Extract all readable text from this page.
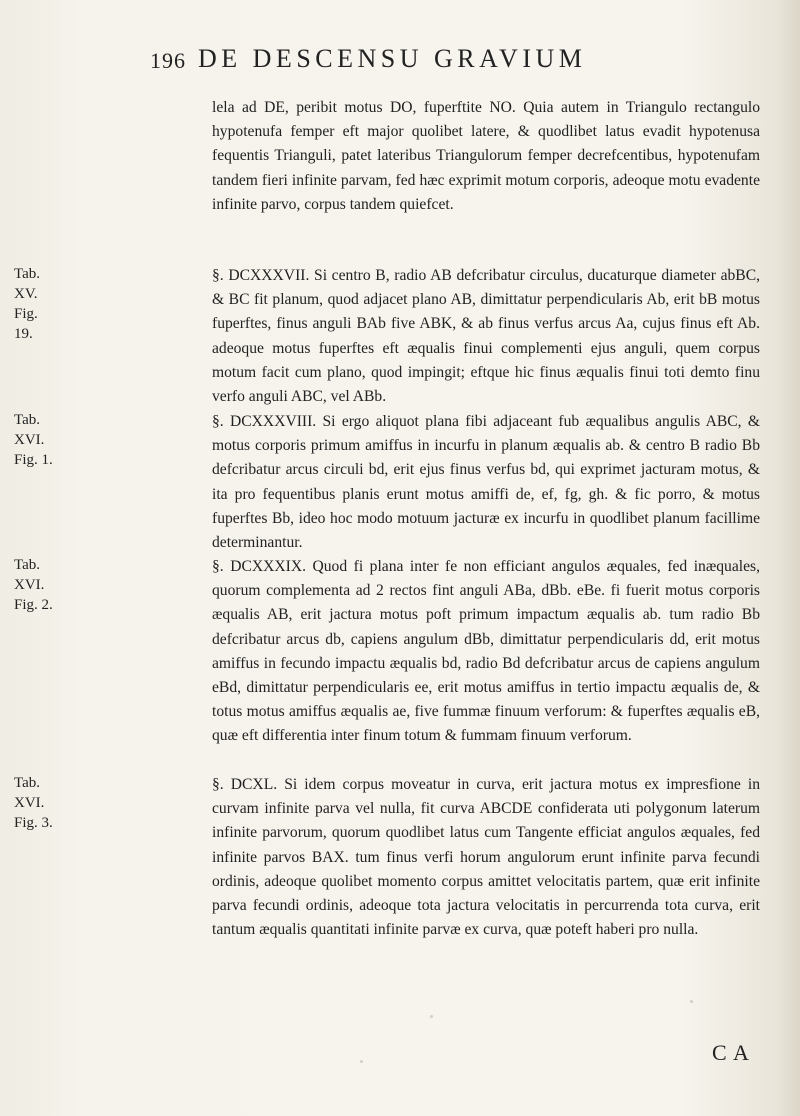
196 DE DESCENSU GRAVIUM
Tab.
XV.
Fig. 19.
Tab.
XVI.
Fig. 1.
Tab.
XVI.
Fig. 2.
Tab.
XVI.
Fig. 3.

lela ad DE, peribit motus DO, fuperftite NO. Quia autem in Triangulo rectangulo hypotenufa femper eft major quolibet latere, & quodlibet latus evadit hypotenusa fequentis Trianguli, patet lateribus Triangulorum femper decrefcentibus, hypotenufam tandem fieri infinite parvam, fed hæc exprimit motum corporis, adeoque motu evadente infinite parvo, corpus tandem quiefcet.

§. DCXXXVII. Si centro B, radio AB defcribatur circulus, ducaturque diameter abBC, & BC fit planum, quod adjacet plano AB, dimittatur perpendicularis Ab, erit bB motus fuperftes, finus anguli BAb five ABK, & ab finus verfus arcus Aa, cujus finus eft Ab. adeoque motus fuperftes eft æqualis finui complementi ejus anguli, quem corpus motum facit cum plano, quod impingit; eftque hic finus æqualis finui toti demto finu verfo anguli ABC, vel ABb.

§. DCXXXVIII. Si ergo aliquot plana fibi adjaceant fub æqualibus angulis ABC, & motus corporis primum amiffus in incurfu in planum æqualis ab. & centro B radio Bb defcribatur arcus circuli bd, erit ejus finus verfus bd, qui exprimet jacturam motus, & ita pro fequentibus planis erunt motus amiffi de, ef, fg, gh. & fic porro, & motus fuperftes Bb, ideo hoc modo motuum jacturæ ex incurfu in quodlibet planum facillime determinantur.

§. DCXXXIX. Quod fi plana inter fe non efficiant angulos æquales, fed inæquales, quorum complementa ad 2 rectos fint anguli ABa, dBb. eBe. fi fuerit motus corporis æqualis AB, erit jactura motus poft primum impactum æqualis ab. tum radio Bb defcribatur arcus db, capiens angulum dBb, dimittatur perpendicularis dd, erit motus amiffus in fecundo impactu æqualis bd, radio Bd defcribatur arcus de capiens angulum eBd, dimittatur perpendicularis ee, erit motus amiffus in tertio impactu æqualis de, & totus motus amiffus æqualis ae, five fummæ finuum verforum: & fuperftes æqualis eB, quæ eft differentia inter finum totum & fummam finuum verforum.

§. DCXL. Si idem corpus moveatur in curva, erit jactura motus ex impresfione in curvam infinite parva vel nulla, fit curva ABCDE confiderata uti polygonum laterum infinite parvorum, quorum quodlibet latus cum Tangente efficiat angulos æquales, fed infinite parvos BAX. tum finus verfi horum angulorum erunt infinite parva fecundi ordinis, adeoque quolibet momento corpus amittet velocitatis partem, quæ erit infinite parva fecundi ordinis, adeoque tota jactura velocitatis in percurrenda tota curva, erit tantum æqualis quantitati infinite parvæ ex curva, quæ poteft haberi pro nulla.

C A
